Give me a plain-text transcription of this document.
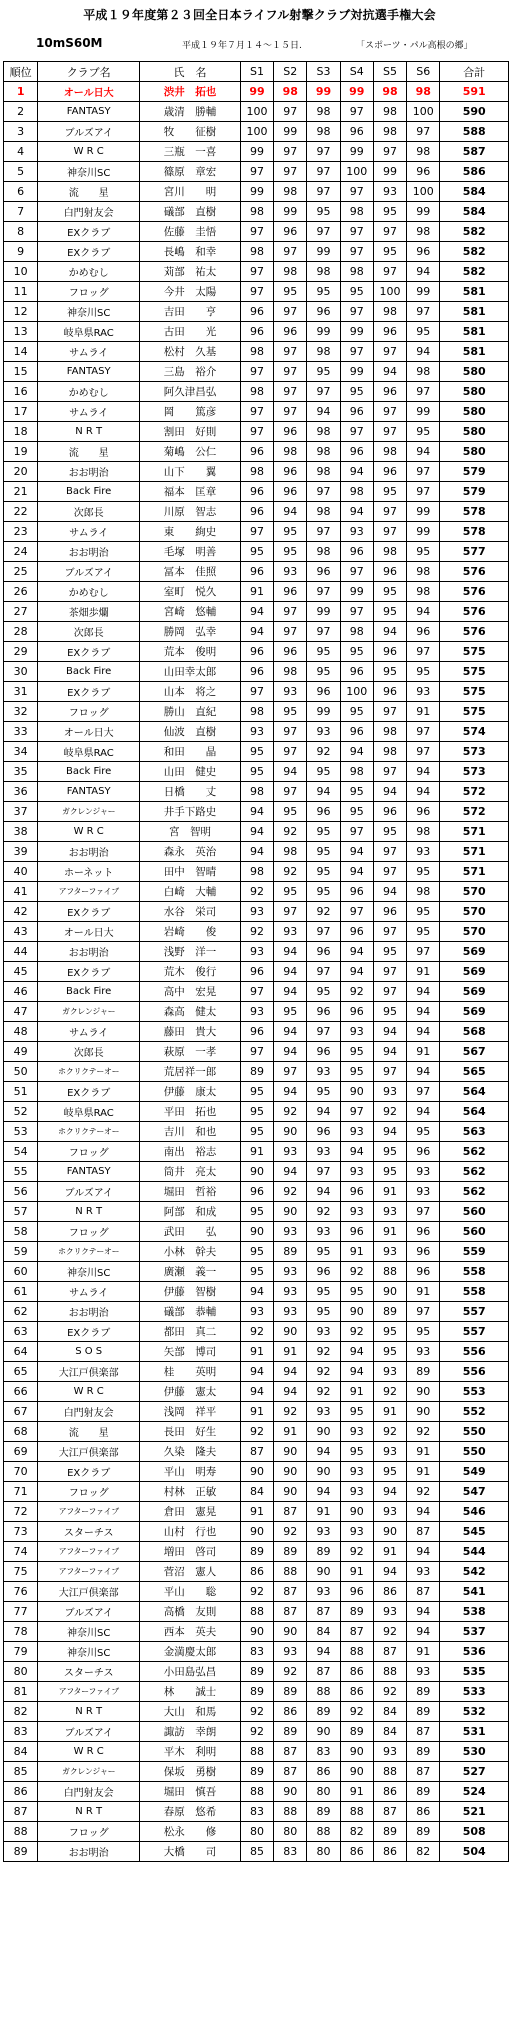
平成１９年度第２３回全日本ライフル射撃クラブ対抗選手権大会
10mS60M	平成１９年７月１４～１５日.	「スポーツ・パル高根の郷」
順位	クラブ名	氏　名	S1	S2	S3	S4	S5	S6	合計
1	オール日大	渋井　拓也	99	98	99	99	98	98	591
2	FANTASY	歳清　勝輔	100	97	98	97	98	100	590
3	ブルズアイ	牧　　征樹	100	99	98	96	98	97	588
4	W R C	三瓶　一喜	99	97	97	99	97	98	587
5	神奈川SC	篠原　章宏	97	97	97	100	99	96	586
6	流　　星	宮川　　明	99	98	97	97	93	100	584
7	白門射友会	礒部　直樹	98	99	95	98	95	99	584
8	EXクラブ	佐藤　圭悟	97	96	97	97	97	98	582
9	EXクラブ	長嶋　和幸	98	97	99	97	95	96	582
10	かめむし	苅部　祐太	97	98	98	98	97	94	582
11	フロッグ	今井　太陽	97	95	95	95	100	99	581
12	神奈川SC	吉田　　亨	96	97	96	97	98	97	581
13	岐阜県RAC	古田　　光	96	96	99	99	96	95	581
14	サムライ	松村　久基	98	97	98	97	97	94	581
15	FANTASY	三島　裕介	97	97	95	99	94	98	580
16	かめむし	阿久津昌弘	98	97	97	95	96	97	580
17	サムライ	岡　　篤彦	97	97	94	96	97	99	580
18	N R T	割田　好則	97	96	98	97	97	95	580
19	流　　星	菊嶋　公仁	96	98	98	96	98	94	580
20	おお明治	山下　　翼	98	96	98	94	96	97	579
21	Back Fire	福本　匡章	96	96	97	98	95	97	579
22	次郎長	川原　智志	96	94	98	94	97	99	578
23	サムライ	東　　絢史	97	95	97	93	97	99	578
24	おお明治	毛塚　明善	95	95	98	96	98	95	577
25	ブルズアイ	冨本　佳照	96	93	96	97	96	98	576
26	かめむし	室町　悦久	91	96	97	99	95	98	576
27	茶畑歩爛	宮崎　悠輔	94	97	99	97	95	94	576
28	次郎長	勝岡　弘幸	94	97	97	98	94	96	576
29	EXクラブ	荒本　俊明	96	96	95	95	96	97	575
30	Back Fire	山田幸太郎	96	98	95	96	95	95	575
31	EXクラブ	山本　将之	97	93	96	100	96	93	575
32	フロッグ	勝山　直紀	98	95	99	95	97	91	575
33	オール日大	仙波　直樹	93	97	93	96	98	97	574
34	岐阜県RAC	和田　　晶	95	97	92	94	98	97	573
35	Back Fire	山田　健史	95	94	95	98	97	94	573
36	FANTASY	日橋　　丈	98	97	94	95	94	94	572
37	ガクレンジャー	井手下路史	94	95	96	95	96	96	572
38	W R C	宮　智明	94	92	95	97	95	98	571
39	おお明治	森永　英治	94	98	95	94	97	93	571
40	ホーネット	田中　智晴	98	92	95	94	97	95	571
41	アフターファイブ	白崎　大輔	92	95	95	96	94	98	570
42	EXクラブ	水谷　栄司	93	97	92	97	96	95	570
43	オール日大	岩崎　　俊	92	93	97	96	97	95	570
44	おお明治	浅野　洋一	93	94	96	94	95	97	569
45	EXクラブ	荒木　俊行	96	94	97	94	97	91	569
46	Back Fire	高中　宏晃	97	94	95	92	97	94	569
47	ガクレンジャー	森高　健太	93	95	96	96	95	94	569
48	サムライ	藤田　貴大	96	94	97	93	94	94	568
49	次郎長	萩原　一孝	97	94	96	95	94	91	567
50	ホクリクテーオー	荒居祥一郎	89	97	93	95	97	94	565
51	EXクラブ	伊藤　康太	95	94	95	90	93	97	564
52	岐阜県RAC	平田　拓也	95	92	94	97	92	94	564
53	ホクリクテーオー	吉川　和也	95	90	96	93	94	95	563
54	フロッグ	南出　裕志	91	93	93	94	95	96	562
55	FANTASY	筒井　亮太	90	94	97	93	95	93	562
56	ブルズアイ	堀田　哲裕	96	92	94	96	91	93	562
57	N R T	阿部　和成	95	90	92	93	93	97	560
58	フロッグ	武田　　弘	90	93	93	96	91	96	560
59	ホクリクテーオー	小林　幹夫	95	89	95	91	93	96	559
60	神奈川SC	廣瀬　義一	95	93	96	92	88	96	558
61	サムライ	伊藤　智樹	94	93	95	95	90	91	558
62	おお明治	礒部　恭輔	93	93	95	90	89	97	557
63	EXクラブ	都田　真二	92	90	93	92	95	95	557
64	S O S	矢部　博司	91	91	92	94	95	93	556
65	大江戸倶楽部	桂　　英明	94	94	92	94	93	89	556
66	W R C	伊藤　憲太	94	94	92	91	92	90	553
67	白門射友会	浅岡　祥平	91	92	93	95	91	90	552
68	流　　星	長田　好生	92	91	90	93	92	92	550
69	大江戸倶楽部	久染　隆夫	87	90	94	95	93	91	550
70	EXクラブ	平山　明寿	90	90	90	93	95	91	549
71	フロッグ	村林　正敏	84	90	94	93	94	92	547
72	アフターファイブ	倉田　憲晃	91	87	91	90	93	94	546
73	スターチス	山村　行也	90	92	93	93	90	87	545
74	アフターファイブ	増田　啓司	89	89	89	92	91	94	544
75	アフターファイブ	菅沼　憲人	86	88	90	91	94	93	542
76	大江戸倶楽部	平山　　聡	92	87	93	96	86	87	541
77	ブルズアイ	高橋　友則	88	87	87	89	93	94	538
78	神奈川SC	西本　英夫	90	90	84	87	92	94	537
79	神奈川SC	金満慶太郎	83	93	94	88	87	91	536
80	スターチス	小田島弘昌	89	92	87	86	88	93	535
81	アフターファイブ	林　　誠士	89	89	88	86	92	89	533
82	N R T	大山　和馬	92	86	89	92	84	89	532
83	ブルズアイ	諏訪　幸朗	92	89	90	89	84	87	531
84	W R C	平木　利明	88	87	83	90	93	89	530
85	ガクレンジャー	保坂　勇樹	89	87	86	90	88	87	527
86	白門射友会	堀田　慎吾	88	90	80	91	86	89	524
87	N R T	春原　悠希	83	88	89	88	87	86	521
88	フロッグ	松永　　修	80	80	88	82	89	89	508
89	おお明治	大橋　　司	85	83	80	86	86	82	504
